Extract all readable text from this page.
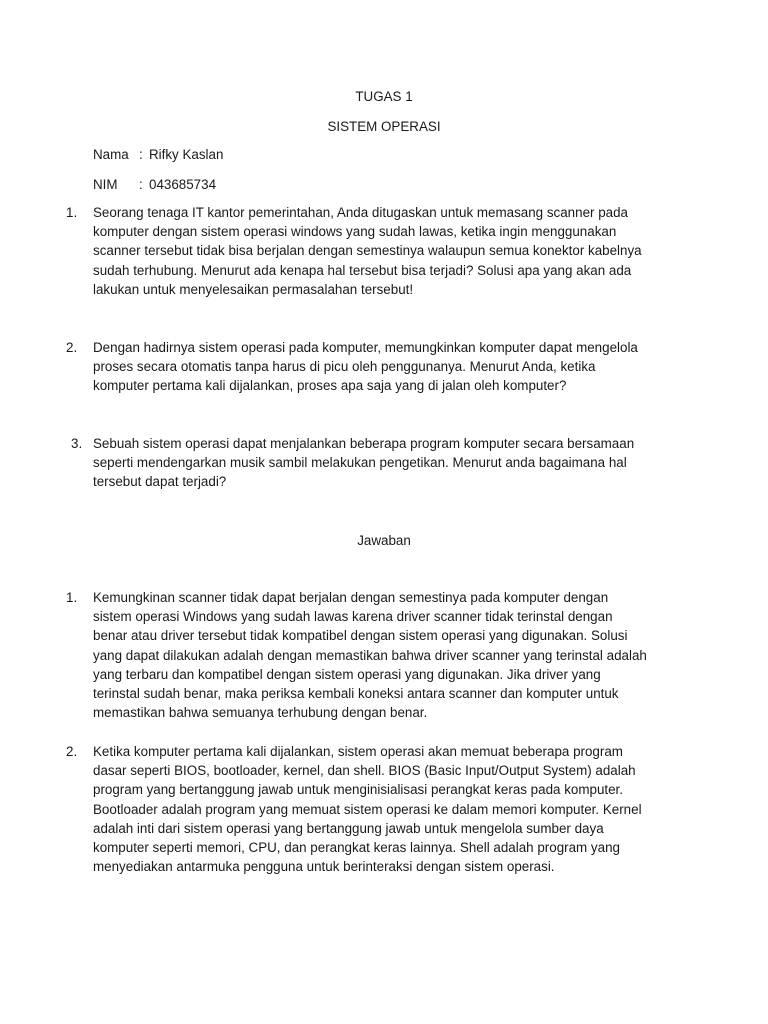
TUGAS 1
SISTEM OPERASI
Nama : Rifky Kaslan
NIM	: 043685734
1.	Seorang tenaga IT kantor pemerintahan, Anda ditugaskan untuk memasang scanner pada
komputer dengan sistem operasi windows yang sudah lawas, ketika ingin menggunakan
scanner tersebut tidak bisa berjalan dengan semestinya walaupun semua konektor kabelnya
sudah terhubung. Menurut ada kenapa hal tersebut bisa terjadi? Solusi apa yang akan ada
lakukan untuk menyelesaikan permasalahan tersebut!
2.	Dengan hadirnya sistem operasi pada komputer, memungkinkan komputer dapat mengelola
proses secara otomatis tanpa harus di picu oleh penggunanya. Menurut Anda, ketika
komputer pertama kali dijalankan, proses apa saja yang di jalan oleh komputer?
3. Sebuah sistem operasi dapat menjalankan beberapa program komputer secara bersamaan
seperti mendengarkan musik sambil melakukan pengetikan. Menurut anda bagaimana hal
tersebut dapat terjadi?
Jawaban
1.	Kemungkinan scanner tidak dapat berjalan dengan semestinya pada komputer dengan
sistem operasi Windows yang sudah lawas karena driver scanner tidak terinstal dengan
benar atau driver tersebut tidak kompatibel dengan sistem operasi yang digunakan. Solusi
yang dapat dilakukan adalah dengan memastikan bahwa driver scanner yang terinstal adalah
yang terbaru dan kompatibel dengan sistem operasi yang digunakan. Jika driver yang
terinstal sudah benar, maka periksa kembali koneksi antara scanner dan komputer untuk
memastikan bahwa semuanya terhubung dengan benar.
2.	Ketika komputer pertama kali dijalankan, sistem operasi akan memuat beberapa program
dasar seperti BIOS, bootloader, kernel, dan shell. BIOS (Basic Input/Output System) adalah
program yang bertanggung jawab untuk menginisialisasi perangkat keras pada komputer.
Bootloader adalah program yang memuat sistem operasi ke dalam memori komputer. Kernel
adalah inti dari sistem operasi yang bertanggung jawab untuk mengelola sumber daya
komputer seperti memori, CPU, dan perangkat keras lainnya. Shell adalah program yang
menyediakan antarmuka pengguna untuk berinteraksi dengan sistem operasi.
